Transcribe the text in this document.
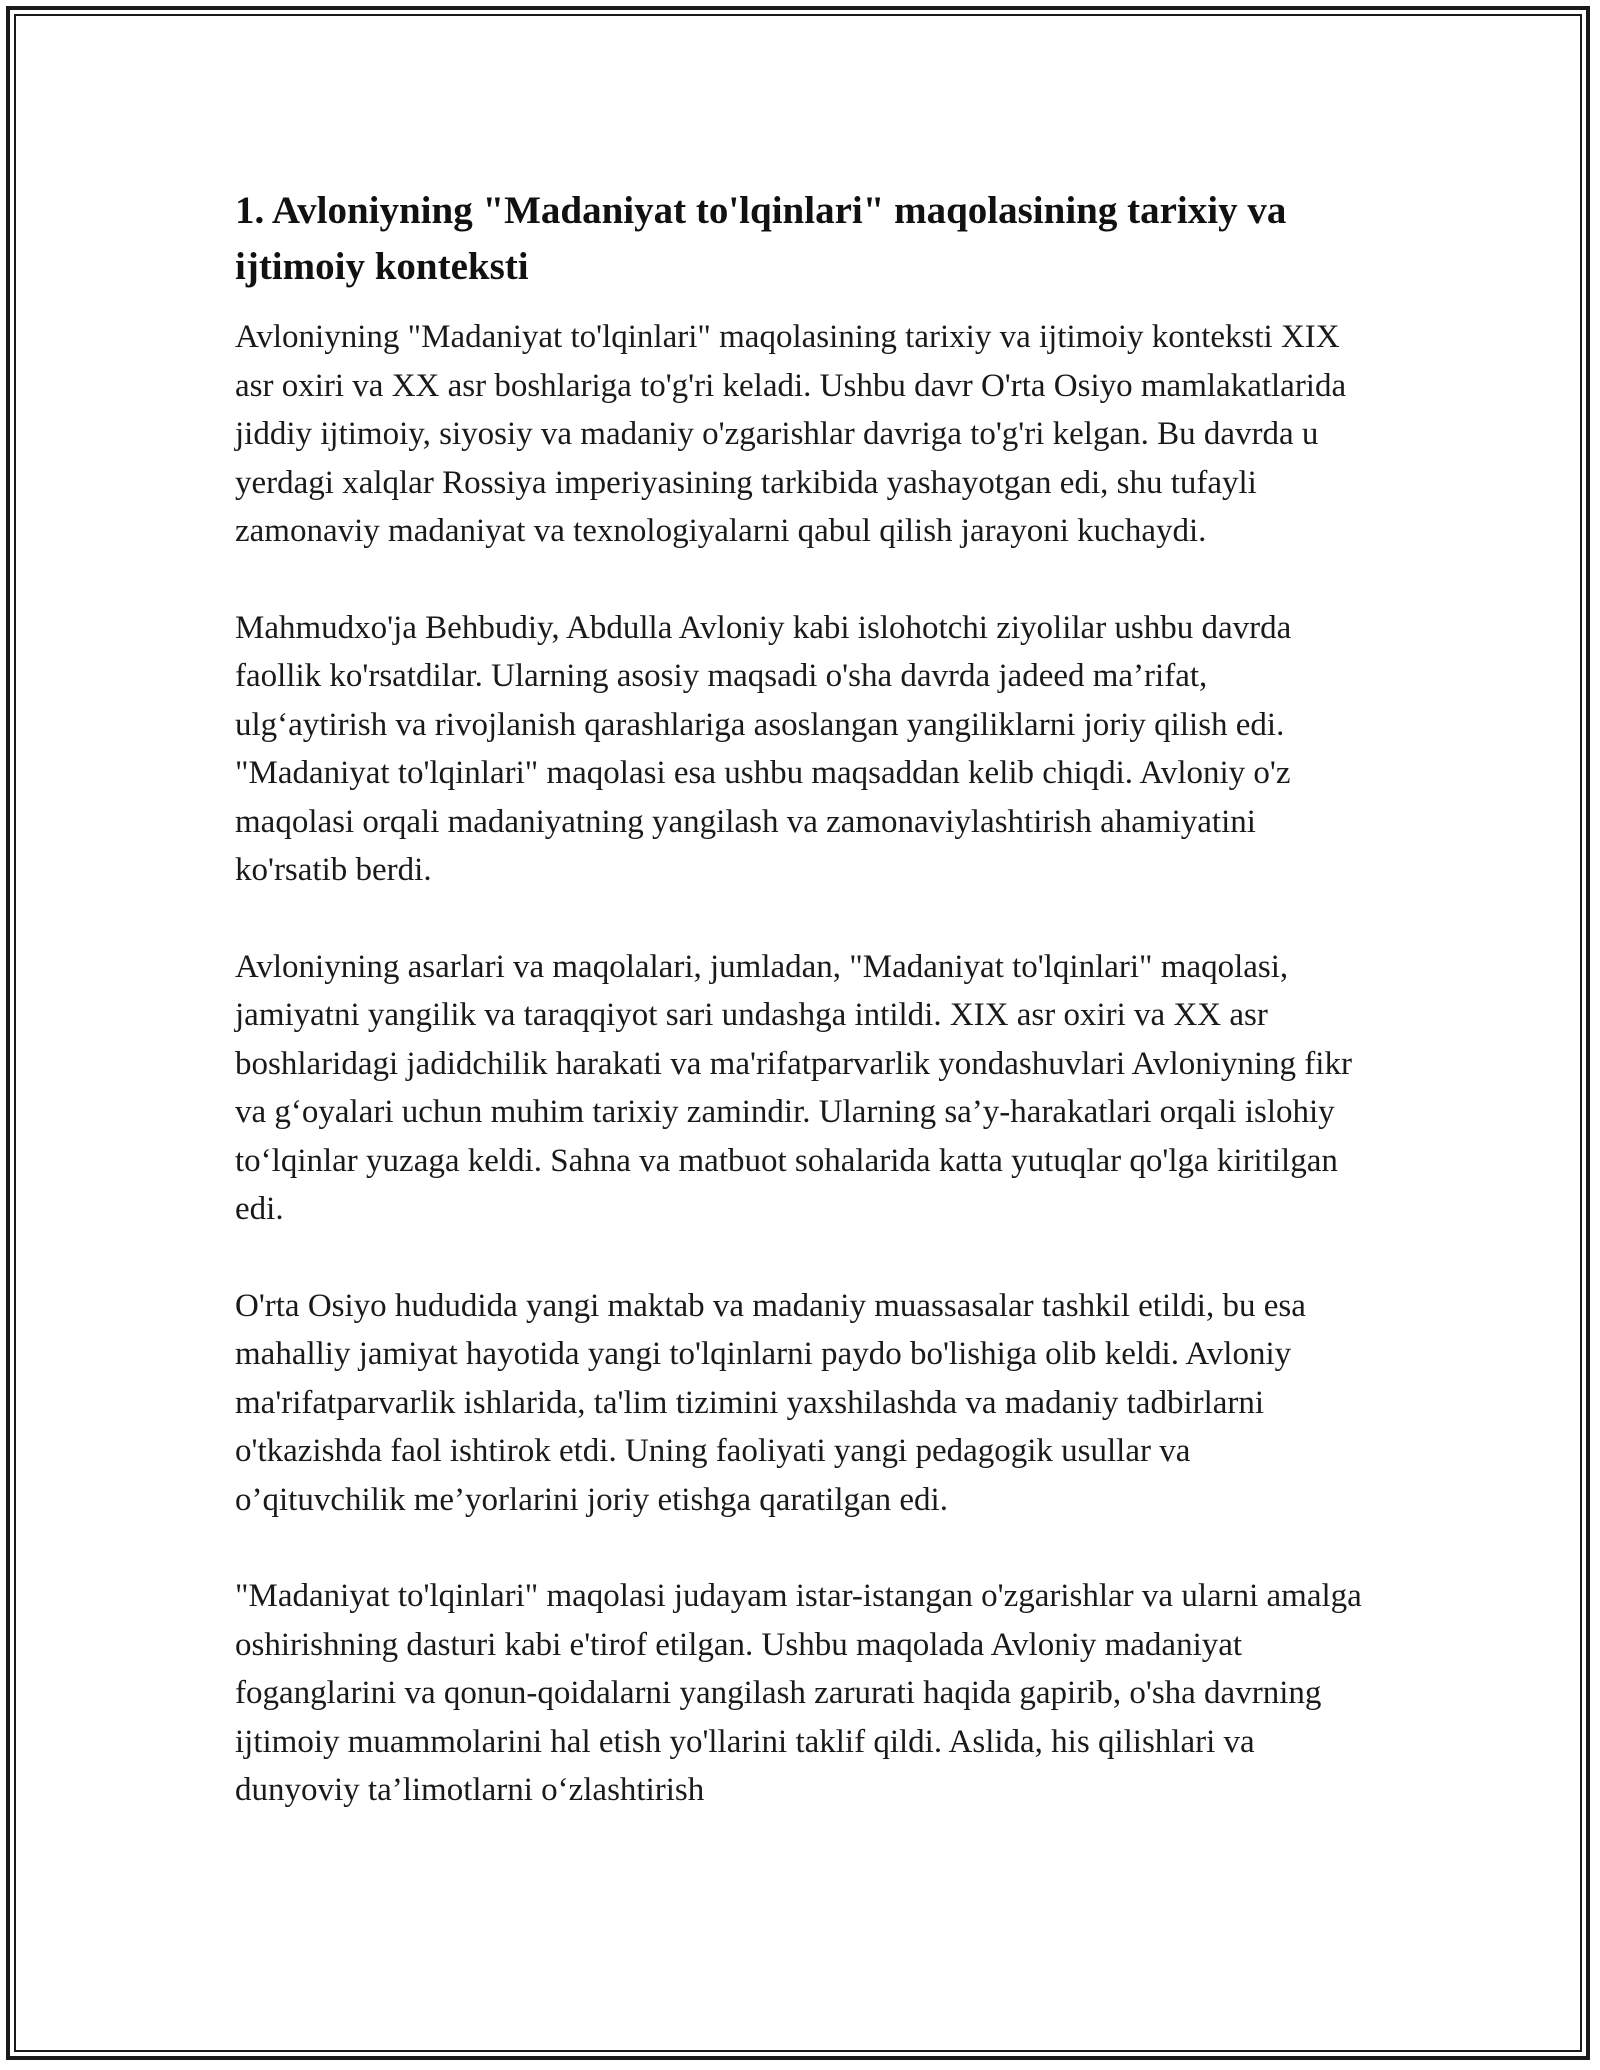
1. Avloniyning "Madaniyat to'lqinlari" maqolasining tarixiy va ijtimoiy konteksti

Avloniyning "Madaniyat to'lqinlari" maqolasining tarixiy va ijtimoiy konteksti XIX asr oxiri va XX asr boshlariga to'g'ri keladi. Ushbu davr O'rta Osiyo mamlakatlarida jiddiy ijtimoiy, siyosiy va madaniy o'zgarishlar davriga to'g'ri kelgan. Bu davrda u yerdagi xalqlar Rossiya imperiyasining tarkibida yashayotgan edi, shu tufayli zamonaviy madaniyat va texnologiyalarni qabul qilish jarayoni kuchaydi.

Mahmudxo'ja Behbudiy, Abdulla Avloniy kabi islohotchi ziyolilar ushbu davrda faollik ko'rsatdilar. Ularning asosiy maqsadi o'sha davrda jadeed ma’rifat, ulg‘aytirish va rivojlanish qarashlariga asoslangan yangiliklarni joriy qilish edi. "Madaniyat to'lqinlari" maqolasi esa ushbu maqsaddan kelib chiqdi. Avloniy o'z maqolasi orqali madaniyatning yangilash va zamonaviylashtirish ahamiyatini ko'rsatib berdi.

Avloniyning asarlari va maqolalari, jumladan, "Madaniyat to'lqinlari" maqolasi, jamiyatni yangilik va taraqqiyot sari undashga intildi. XIX asr oxiri va XX asr boshlaridagi jadidchilik harakati va ma'rifatparvarlik yondashuvlari Avloniyning fikr va g‘oyalari uchun muhim tarixiy zamindir. Ularning sa’y-harakatlari orqali islohiy to‘lqinlar yuzaga keldi. Sahna va matbuot sohalarida katta yutuqlar qo'lga kiritilgan edi.

O'rta Osiyo hududida yangi maktab va madaniy muassasalar tashkil etildi, bu esa mahalliy jamiyat hayotida yangi to'lqinlarni paydo bo'lishiga olib keldi. Avloniy ma'rifatparvarlik ishlarida, ta'lim tizimini yaxshilashda va madaniy tadbirlarni o'tkazishda faol ishtirok etdi. Uning faoliyati yangi pedagogik usullar va o’qituvchilik me’yorlarini joriy etishga qaratilgan edi.

"Madaniyat to'lqinlari" maqolasi judayam istar-istangan o'zgarishlar va ularni amalga oshirishning dasturi kabi e'tirof etilgan. Ushbu maqolada Avloniy madaniyat foganglarini va qonun-qoidalarni yangilash zarurati haqida gapirib, o'sha davrning ijtimoiy muammolarini hal etish yo'llarini taklif qildi. Aslida, his qilishlari va dunyoviy ta’limotlarni o‘zlashtirish
